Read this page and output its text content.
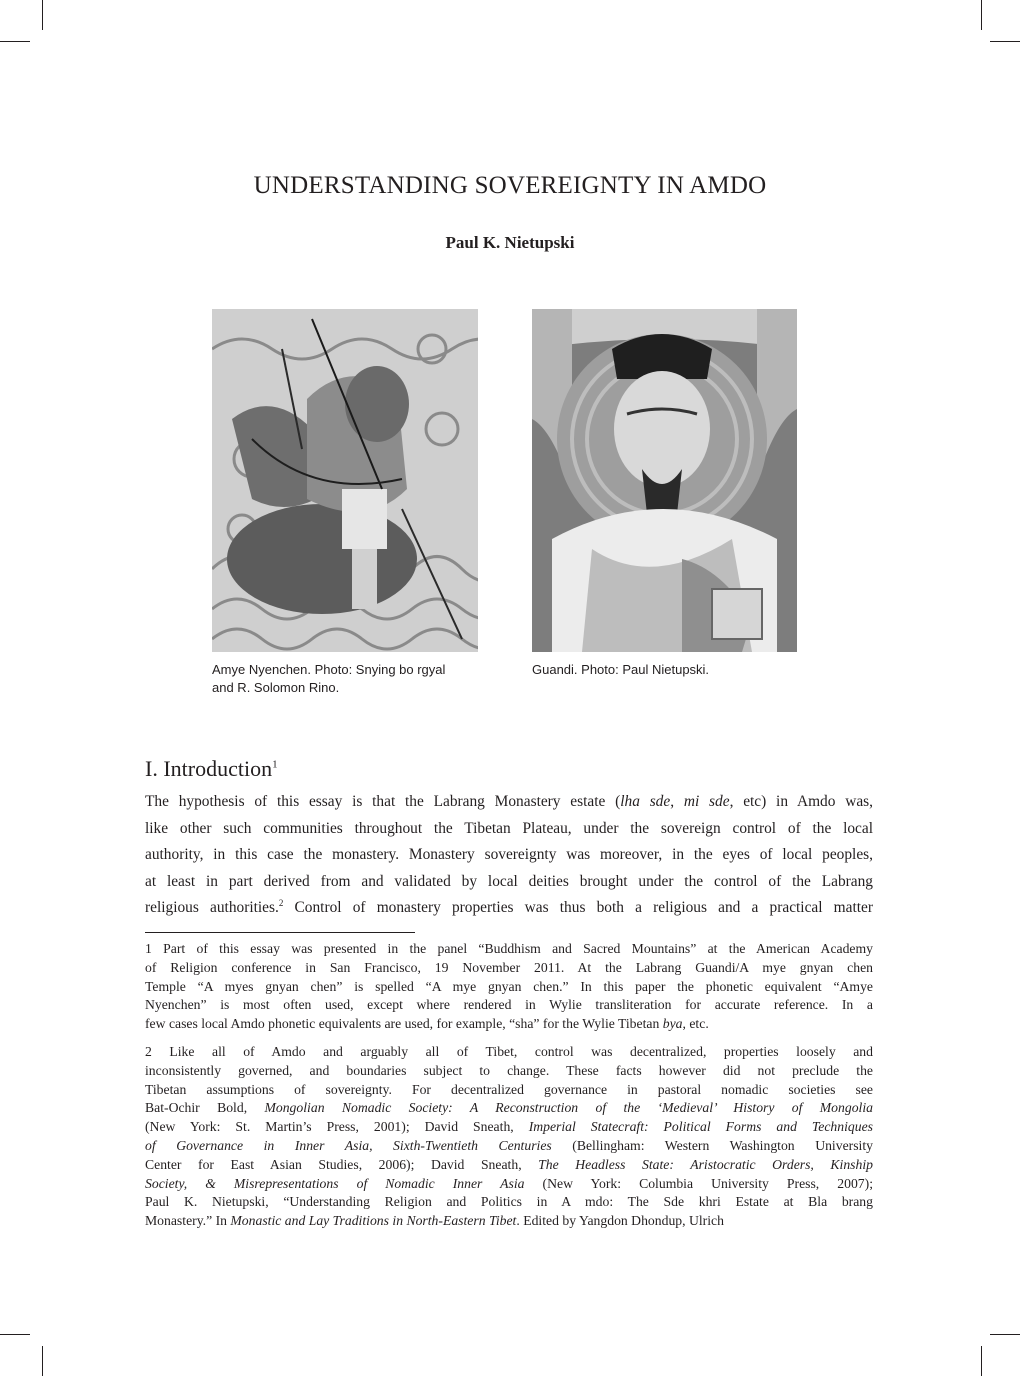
UNDERSTANDING SOVEREIGNTY IN AMDO
Paul K. Nietupski
Amye Nyenchen. Photo: Snying bo rgyal
and R. Solomon Rino.
Guandi. Photo: Paul Nietupski.
I. Introduction$^1$
The hypothesis of this essay is that the Labrang Monastery estate (lha sde, mi sde, etc) in Amdo was,
like other such communities throughout the Tibetan Plateau, under the sovereign control of the local
authority, in this case the monastery. Monastery sovereignty was moreover, in the eyes of local peoples,
at least in part derived from and validated by local deities brought under the control of the Labrang
religious authorities.$^2$ Control of monastery properties was thus both a religious and a practical matter
1 Part of this essay was presented in the panel “Buddhism and Sacred Mountains” at the American Academy
of Religion conference in San Francisco, 19 November 2011. At the Labrang Guandi/A mye gnyan chen
Temple “A myes gnyan chen” is spelled “A mye gnyan chen.” In this paper the phonetic equivalent “Amye
Nyenchen” is most often used, except where rendered in Wylie transliteration for accurate reference. In a
few cases local Amdo phonetic equivalents are used, for example, “sha” for the Wylie Tibetan bya, etc.
2 Like all of Amdo and arguably all of Tibet, control was decentralized, properties loosely and
inconsistently governed, and boundaries subject to change. These facts however did not preclude the
Tibetan assumptions of sovereignty. For decentralized governance in pastoral nomadic societies see
Bat-Ochir Bold, Mongolian Nomadic Society: A Reconstruction of the ‘Medieval’ History of Mongolia
(New York: St. Martin’s Press, 2001); David Sneath, Imperial Statecraft: Political Forms and Techniques
of Governance in Inner Asia, Sixth-Twentieth Centuries (Bellingham: Western Washington University
Center for East Asian Studies, 2006); David Sneath, The Headless State: Aristocratic Orders, Kinship
Society, & Misrepresentations of Nomadic Inner Asia (New York: Columbia University Press, 2007);
Paul K. Nietupski, “Understanding Religion and Politics in A mdo: The Sde khri Estate at Bla brang
Monastery.” In Monastic and Lay Traditions in North-Eastern Tibet. Edited by Yangdon Dhondup, Ulrich
